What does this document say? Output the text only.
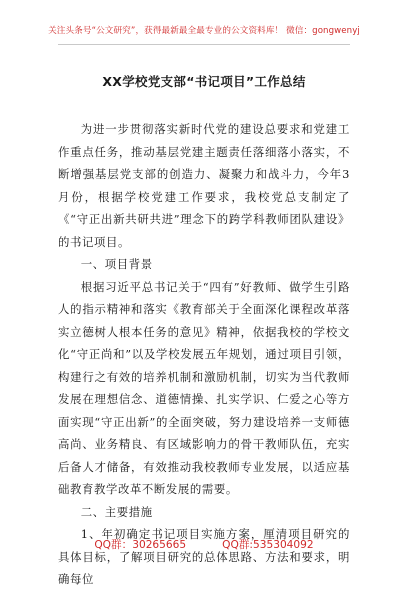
关注头条号“公文研究”，获得最新最全最专业的公文资料库！ 微信：gongwenyj
XX学校党支部“书记项目”工作总结

为进一步贯彻落实新时代党的建设总要求和党建工作重点任务，推动基层党建主题责任落细落小落实，不断增强基层党支部的创造力、凝聚力和战斗力，今年3月份，根据学校党建工作要求，我校党总支制定了《“守正出新共研共进”理念下的跨学科教师团队建设》的书记项目。

一、项目背景

根据习近平总书记关于“四有”好教师、做学生引路人的指示精神和落实《教育部关于全面深化课程改革落实立德树人根本任务的意见》精神，依据我校的学校文化“守正尚和”以及学校发展五年规划，通过项目引领，构建行之有效的培养机制和激励机制，切实为当代教师发展在理想信念、道德情操、扎实学识、仁爱之心等方面实现“守正出新”的全面突破，努力建设培养一支师德高尚、业务精良、有区域影响力的骨干教师队伍，充实后备人才储备，有效推动我校教师专业发展，以适应基础教育教学改革不断发展的需要。

二、主要措施

1、年初确定书记项目实施方案，厘清项目研究的具体目标，了解项目研究的总体思路、方法和要求，明确每位

QQ群：30265665	QQ群:535304092
